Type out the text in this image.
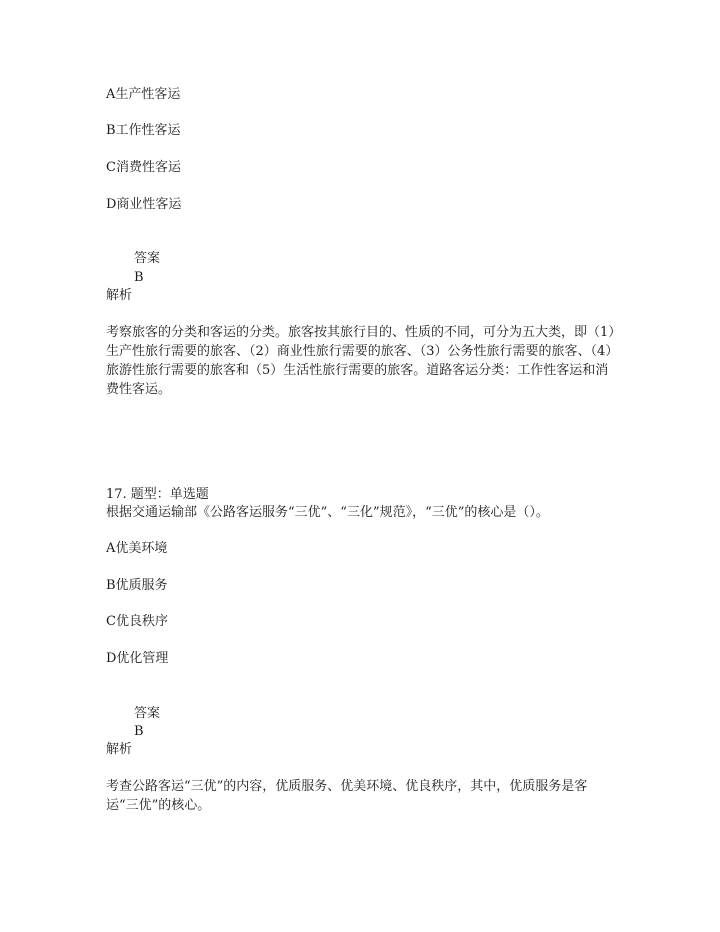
A生产性客运
B工作性客运
C消费性客运
D商业性客运
答案
B
解析
考察旅客的分类和客运的分类。旅客按其旅行目的、性质的不同，可分为五大类，即（1）生产性旅行需要的旅客、（2）商业性旅行需要的旅客、（3）公务性旅行需要的旅客、（4）旅游性旅行需要的旅客和（5）生活性旅行需要的旅客。道路客运分类：工作性客运和消费性客运。
17. 题型：单选题
根据交通运输部《公路客运服务“三优”、“三化”规范》，“三优”的核心是（）。
A优美环境
B优质服务
C优良秩序
D优化管理
答案
B
解析
考查公路客运“三优”的内容，优质服务、优美环境、优良秩序，其中，优质服务是客运“三优”的核心。
